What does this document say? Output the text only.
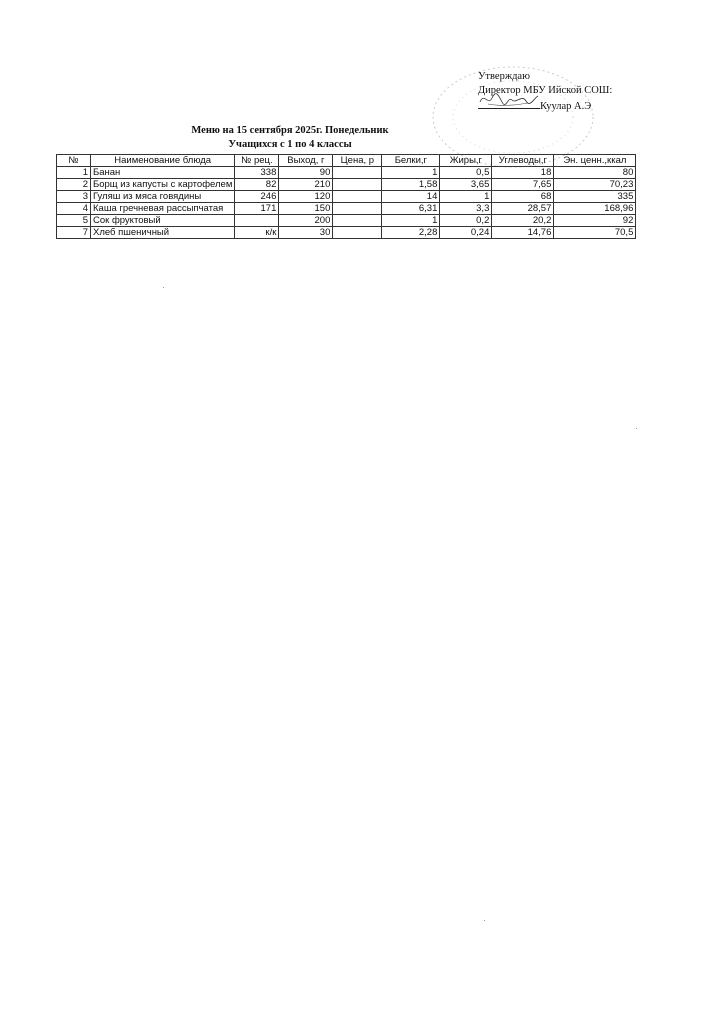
Утверждаю
Директор МБУ Ийской СОШ:
Куулар А.Э
Меню на 15 сентября 2025г. Понедельник
Учащихся с 1 по 4 классы
№	Наименование блюда	№ рец.	Выход, г	Цена, р	Белки,г	Жиры,г	Углеводы,г	Эн. ценн.,ккал
1	Банан	338	90		1	0,5	18	80
2	Борщ из капусты с картофелем	82	210		1,58	3,65	7,65	70,23
3	Гуляш из мяса говядины	246	120		14	1	68	335
4	Каша гречневая рассыпчатая	171	150		6,31	3,3	28,57	168,96
5	Сок фруктовый		200		1	0,2	20,2	92
7	Хлеб пшеничный	к/к	30		2,28	0,24	14,76	70,5
